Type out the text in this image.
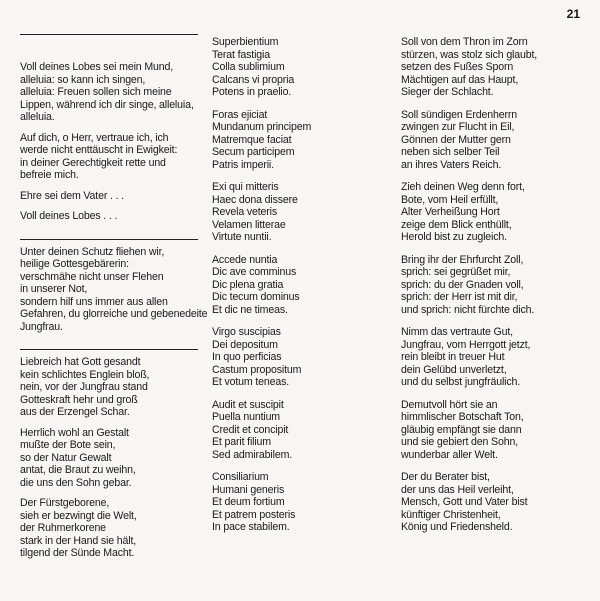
21
Voll deines Lobes sei mein Mund,
alleluia: so kann ich singen,
alleluia: Freuen sollen sich meine
Lippen, während ich dir singe, alleluia,
alleluia.
Auf dich, o Herr, vertraue ich, ich
werde nicht enttäuscht in Ewigkeit:
in deiner Gerechtigkeit rette und
befreie mich.
Ehre sei dem Vater . . .
Voll deines Lobes . . .
Unter deinen Schutz fliehen wir,
heilige Gottesgebärerin:
verschmähe nicht unser Flehen
in unserer Not,
sondern hilf uns immer aus allen
Gefahren, du glorreiche und gebenedeite
Jungfrau.
Liebreich hat Gott gesandt
kein schlichtes Englein bloß,
nein, vor der Jungfrau stand
Gotteskraft hehr und groß
aus der Erzengel Schar.
Herrlich wohl an Gestalt
mußte der Bote sein,
so der Natur Gewalt
antat, die Braut zu weihn,
die uns den Sohn gebar.
Der Fürstgeborene,
sieh er bezwingt die Welt,
der Ruhmerkorene
stark in der Hand sie hält,
tilgend der Sünde Macht.
Superbientium
Terat fastigia
Colla sublimium
Calcans vi propria
Potens in praelio.
Foras ejiciat
Mundanum principem
Matremque faciat
Secum participem
Patris imperii.
Exi qui mitteris
Haec dona dissere
Revela veteris
Velamen litterae
Virtute nuntii.
Accede nuntia
Dic ave comminus
Dic plena gratia
Dic tecum dominus
Et dic ne timeas.
Virgo suscipias
Dei depositum
In quo perficias
Castum propositum
Et votum teneas.
Audit et suscipit
Puella nuntium
Credit et concipit
Et parit filium
Sed admirabilem.
Consiliarium
Humani generis
Et deum fortium
Et patrem posteris
In pace stabilem.
Soll von dem Thron im Zorn
stürzen, was stolz sich glaubt,
setzen des Fußes Sporn
Mächtigen auf das Haupt,
Sieger der Schlacht.
Soll sündigen Erdenherrn
zwingen zur Flucht in Eil,
Gönnen der Mutter gern
neben sich selber Teil
an ihres Vaters Reich.
Zieh deinen Weg denn fort,
Bote, vom Heil erfüllt,
Alter Verheißung Hort
zeige dem Blick enthüllt,
Herold bist zu zugleich.
Bring ihr der Ehrfurcht Zoll,
sprich: sei gegrüßet mir,
sprich: du der Gnaden voll,
sprich: der Herr ist mit dir,
und sprich: nicht fürchte dich.
Nimm das vertraute Gut,
Jungfrau, vom Herrgott jetzt,
rein bleibt in treuer Hut
dein Gelübd unverletzt,
und du selbst jungfräulich.
Demutvoll hört sie an
himmlischer Botschaft Ton,
gläubig empfängt sie dann
und sie gebiert den Sohn,
wunderbar aller Welt.
Der du Berater bist,
der uns das Heil verleiht,
Mensch, Gott und Vater bist
künftiger Christenheit,
König und Friedensheld.
